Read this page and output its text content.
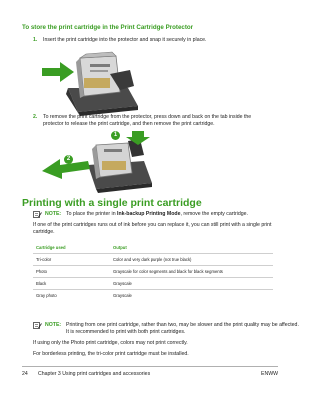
To store the print cartridge in the Print Cartridge Protector
1. Insert the print cartridge into the protector and snap it securely in place.
2. To remove the print cartridge from the protector, press down and back on the tab inside the protector to release the print cartridge, and then remove the print cartridge.
1
2
Printing with a single print cartridge
NOTE: To place the printer in Ink-backup Printing Mode, remove the empty cartridge.
If one of the print cartridges runs out of ink before you can replace it, you can still print with a single print cartridge.
Cartridge used	Output
Tri-color	Color and very dark purple (not true black)
Photo	Grayscale for color segments and black for black segments
Black	Grayscale
Gray photo	Grayscale
NOTE: Printing from one print cartridge, rather than two, may be slower and the print quality may be affected. It is recommended to print with both print cartridges.
If using only the Photo print cartridge, colors may not print correctly.
For borderless printing, the tri-color print cartridge must be installed.
24 Chapter 3 Using print cartridges and accessories	ENWW
